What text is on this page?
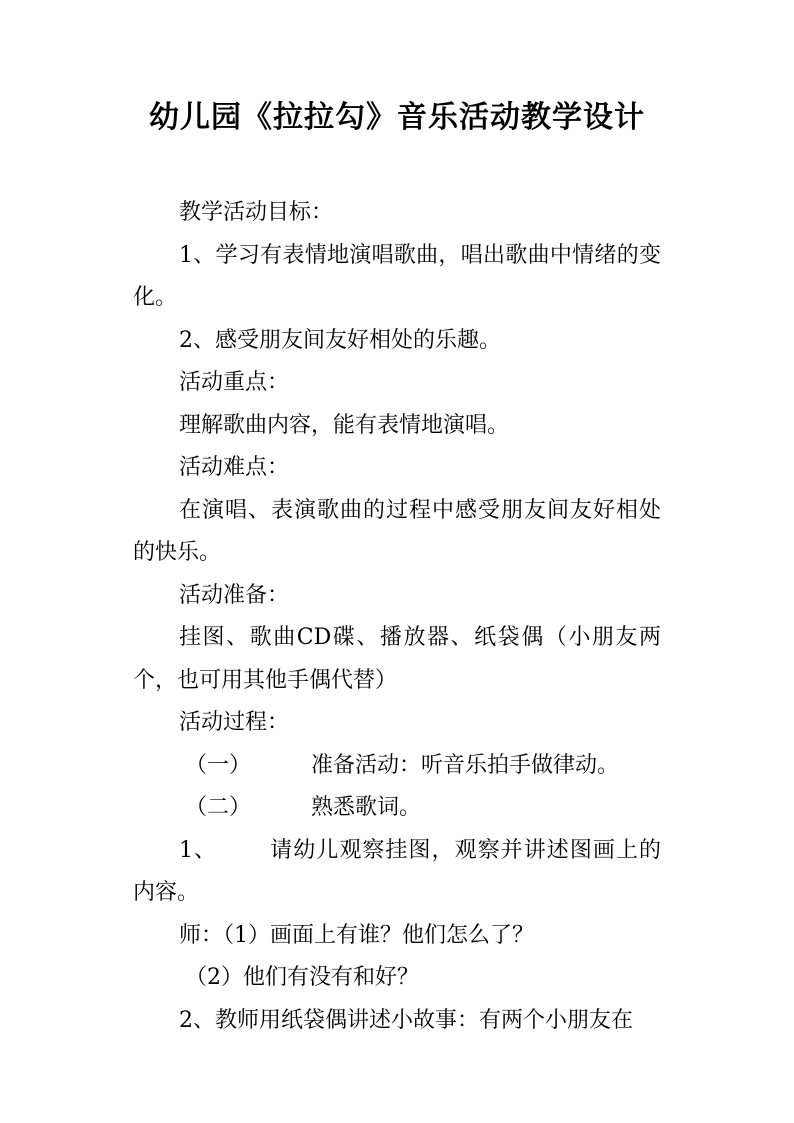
幼儿园《拉拉勾》音乐活动教学设计

教学活动目标：

1、学习有表情地演唱歌曲，唱出歌曲中情绪的变化。

2、感受朋友间友好相处的乐趣。

活动重点：

理解歌曲内容，能有表情地演唱。

活动难点：

在演唱、表演歌曲的过程中感受朋友间友好相处的快乐。

活动准备：

挂图、歌曲CD碟、播放器、纸袋偶（小朋友两个，也可用其他手偶代替）

活动过程：

（一）	准备活动：听音乐拍手做律动。

（二）	熟悉歌词。

1、 请幼儿观察挂图，观察并讲述图画上的内容。

师：（1）画面上有谁？他们怎么了？

（2）他们有没有和好？

2、教师用纸袋偶讲述小故事：有两个小朋友在
